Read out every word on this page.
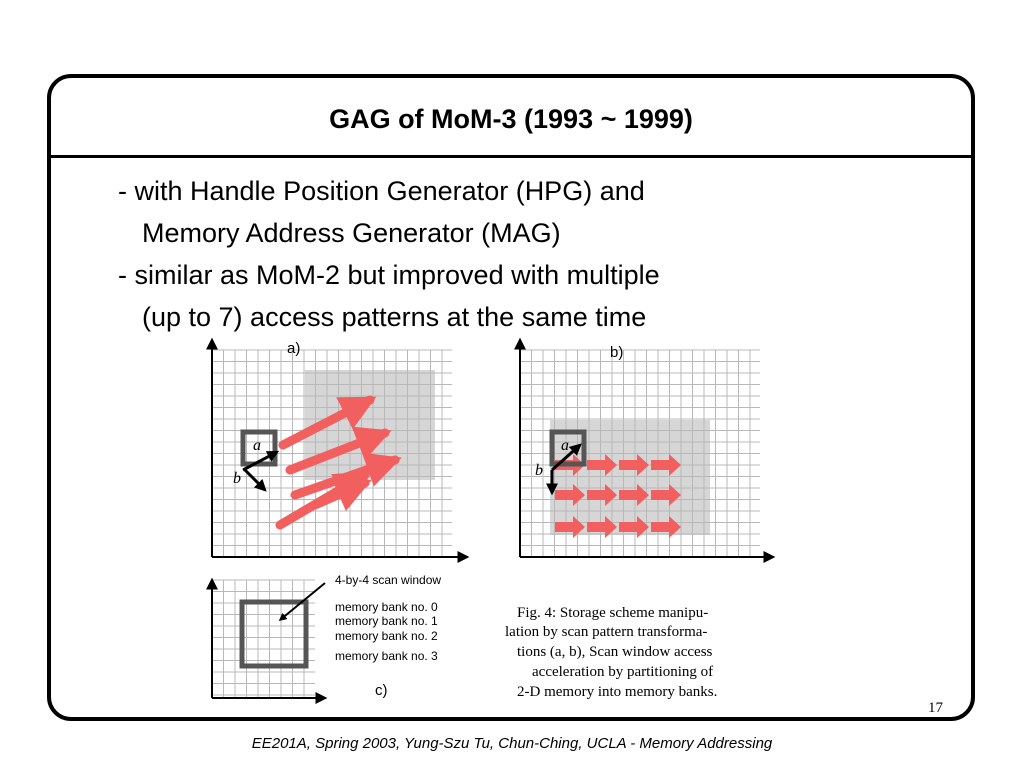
GAG of MoM-3 (1993 ~ 1999)
- with Handle Position Generator (HPG) and
Memory Address Generator (MAG)
- similar as MoM-2 but improved with multiple
(up to 7) access patterns at the same time
a)
a
b
b)
a
b
4-by-4 scan window
memory bank no. 0
memory bank no. 1
memory bank no. 2
memory bank no. 3
c)
Fig. 4: Storage scheme manipu-
lation by scan pattern transforma-
tions (a, b), Scan window access
acceleration by partitioning of
2-D memory into memory banks.
17
EE201A, Spring 2003, Yung-Szu Tu, Chun-Ching, UCLA - Memory Addressing
